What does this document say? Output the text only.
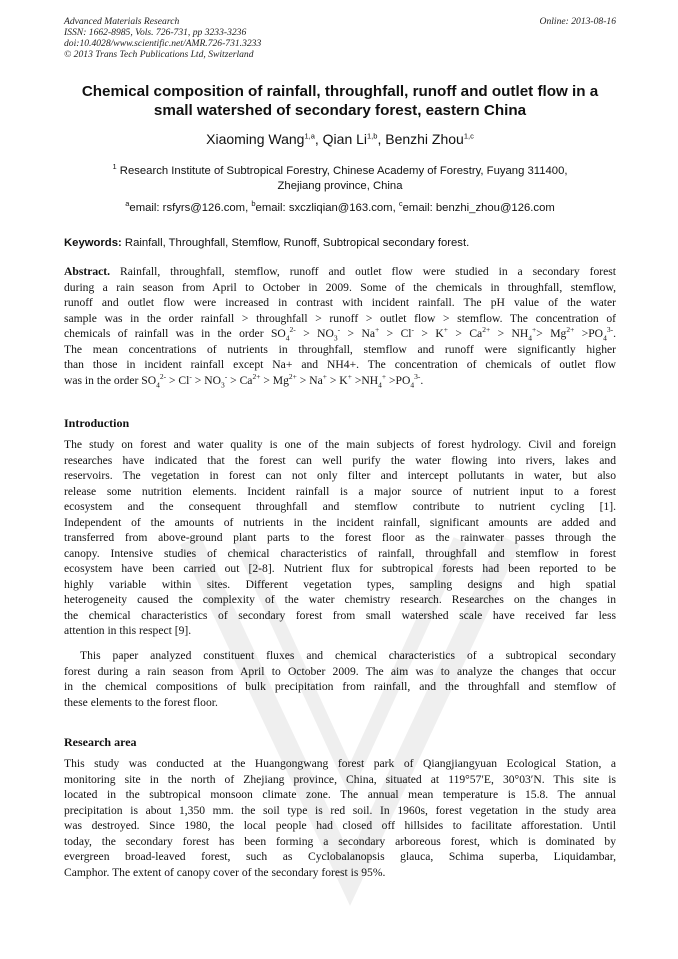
Advanced Materials Research
ISSN: 1662-8985, Vols. 726-731, pp 3233-3236
doi:10.4028/www.scientific.net/AMR.726-731.3233
© 2013 Trans Tech Publications Ltd, Switzerland
Online: 2013-08-16
Chemical composition of rainfall, throughfall, runoff and outlet flow in a
small watershed of secondary forest, eastern China
Xiaoming Wang$^{1,a}$, Qian Li$^{1,b}$, Benzhi Zhou$^{1,c}$
$^1$ Research Institute of Subtropical Forestry, Chinese Academy of Forestry, Fuyang 311400,
Zhejiang province, China
$^a$email: rsfyrs@126.com, $^b$email: sxczliqian@163.com, $^c$email: benzhi_zhou@126.com
Keywords: Rainfall, Throughfall, Stemflow, Runoff, Subtropical secondary forest.
Abstract. Rainfall, throughfall, stemflow, runoff and outlet flow were studied in a secondary forest
during a rain season from April to October in 2009. Some of the chemicals in throughfall, stemflow,
runoff and outlet flow were increased in contrast with incident rainfall. The pH value of the water
sample was in the order rainfall > throughfall > runoff > outlet flow > stemflow. The concentration of
chemicals of rainfall was in the order $SO_4^{2-} > NO_3^- > Na^+ > Cl^- > K^+ > Ca^{2+} > NH_4^+> Mg^{2+} >PO_4^{3-}$.
The mean concentrations of nutrients in throughfall, stemflow and runoff were significantly higher
than those in incident rainfall except Na+ and NH4+. The concentration of chemicals of outlet flow
was in the order $SO_4^{2-} > Cl^- > NO_3^- > Ca^{2+} > Mg^{2+} > Na^+ > K^+ >NH_4^+ >PO_4^{3-}$.
Introduction
The study on forest and water quality is one of the main subjects of forest hydrology. Civil and foreign
researches have indicated that the forest can well purify the water flowing into rivers, lakes and
reservoirs. The vegetation in forest can not only filter and intercept pollutants in water, but also
release some nutrition elements. Incident rainfall is a major source of nutrient input to a forest
ecosystem and the consequent throughfall and stemflow contribute to nutrient cycling [1].
Independent of the amounts of nutrients in the incident rainfall, significant amounts are added and
transferred from above-ground plant parts to the forest floor as the rainwater passes through the
canopy. Intensive studies of chemical characteristics of rainfall, throughfall and stemflow in forest
ecosystem have been carried out [2-8]. Nutrient flux for subtropical forests had been reported to be
highly variable within sites. Different vegetation types, sampling designs and high spatial
heterogeneity caused the complexity of the water chemistry research. Researches on the changes in
the chemical characteristics of secondary forest from small watershed scale have received far less
attention in this respect [9].
This paper analyzed constituent fluxes and chemical characteristics of a subtropical secondary
forest during a rain season from April to October 2009. The aim was to analyze the changes that occur
in the chemical compositions of bulk precipitation from rainfall, and the throughfall and stemflow of
these elements to the forest floor.
Research area
This study was conducted at the Huangongwang forest park of Qiangjiangyuan Ecological Station, a
monitoring site in the north of Zhejiang province, China, situated at 119°57′E, 30°03′N. This site is
located in the subtropical monsoon climate zone. The annual mean temperature is 15.8. The annual
precipitation is about 1,350 mm. the soil type is red soil. In 1960s, forest vegetation in the study area
was destroyed. Since 1980, the local people had closed off hillsides to facilitate afforestation. Until
today, the secondary forest has been forming a secondary arboreous forest, which is dominated by
evergreen broad-leaved forest, such as Cyclobalanopsis glauca, Schima superba, Liquidambar,
Camphor. The extent of canopy cover of the secondary forest is 95%.
